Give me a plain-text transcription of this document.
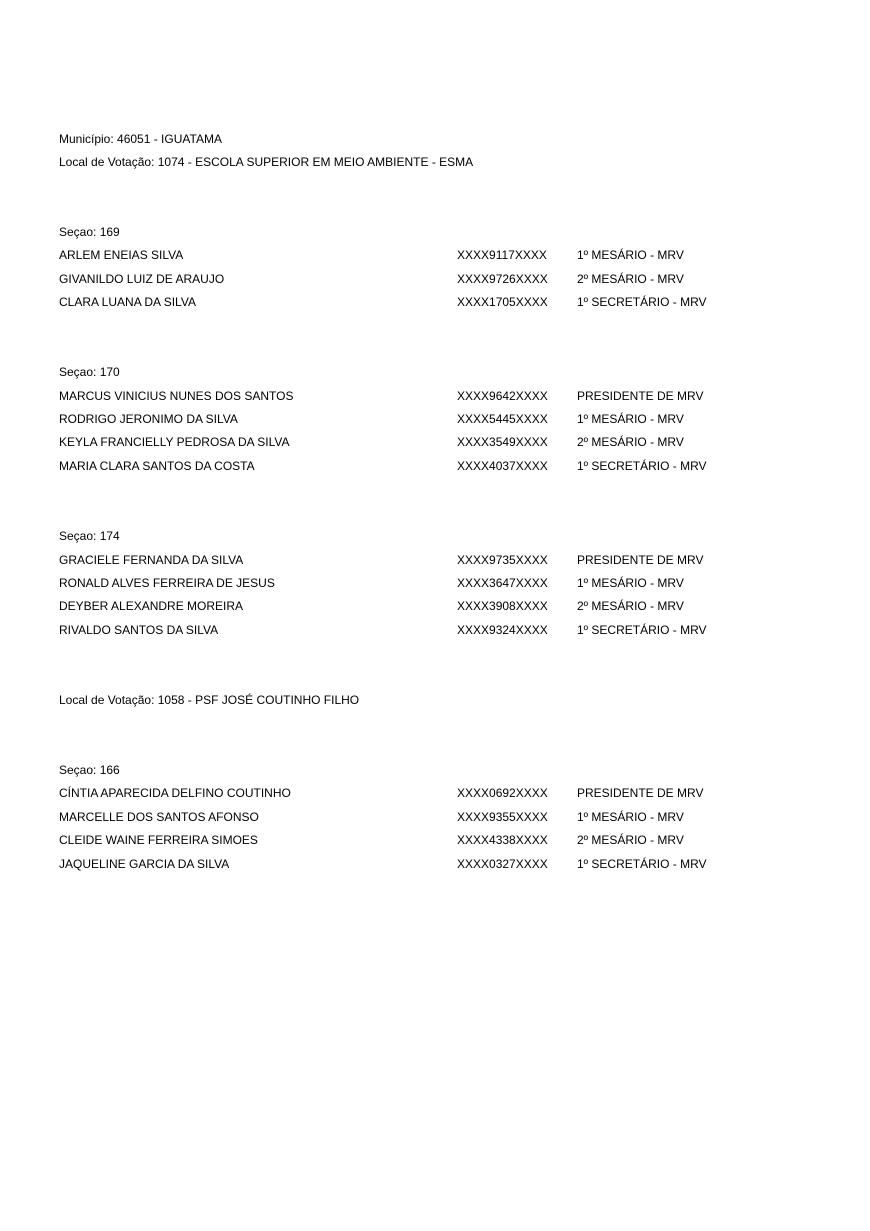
Município: 46051 - IGUATAMA
Local de Votação: 1074 - ESCOLA SUPERIOR EM MEIO AMBIENTE - ESMA
Seçao: 169
ARLEM ENEIAS SILVA	XXXX9117XXXX	1º MESÁRIO - MRV
GIVANILDO LUIZ DE ARAUJO	XXXX9726XXXX 2º MESÁRIO - MRV
CLARA LUANA DA SILVA	XXXX1705XXXX 1º SECRETÁRIO - MRV
Seçao: 170
MARCUS VINICIUS NUNES DOS SANTOS	XXXX9642XXXX PRESIDENTE DE MRV
RODRIGO JERONIMO DA SILVA	XXXX5445XXXX 1º MESÁRIO - MRV
KEYLA FRANCIELLY PEDROSA DA SILVA	XXXX3549XXXX 2º MESÁRIO - MRV
MARIA CLARA SANTOS DA COSTA	XXXX4037XXXX 1º SECRETÁRIO - MRV
Seçao: 174
GRACIELE FERNANDA DA SILVA	XXXX9735XXXX PRESIDENTE DE MRV
RONALD ALVES FERREIRA DE JESUS	XXXX3647XXXX 1º MESÁRIO - MRV
DEYBER ALEXANDRE MOREIRA	XXXX3908XXXX 2º MESÁRIO - MRV
RIVALDO SANTOS DA SILVA	XXXX9324XXXX 1º SECRETÁRIO - MRV
Local de Votação: 1058 - PSF JOSÉ COUTINHO FILHO
Seçao: 166
CÍNTIA APARECIDA DELFINO COUTINHO	XXXX0692XXXX PRESIDENTE DE MRV
MARCELLE DOS SANTOS AFONSO	XXXX9355XXXX 1º MESÁRIO - MRV
CLEIDE WAINE FERREIRA SIMOES	XXXX4338XXXX 2º MESÁRIO - MRV
JAQUELINE GARCIA DA SILVA	XXXX0327XXXX 1º SECRETÁRIO - MRV
